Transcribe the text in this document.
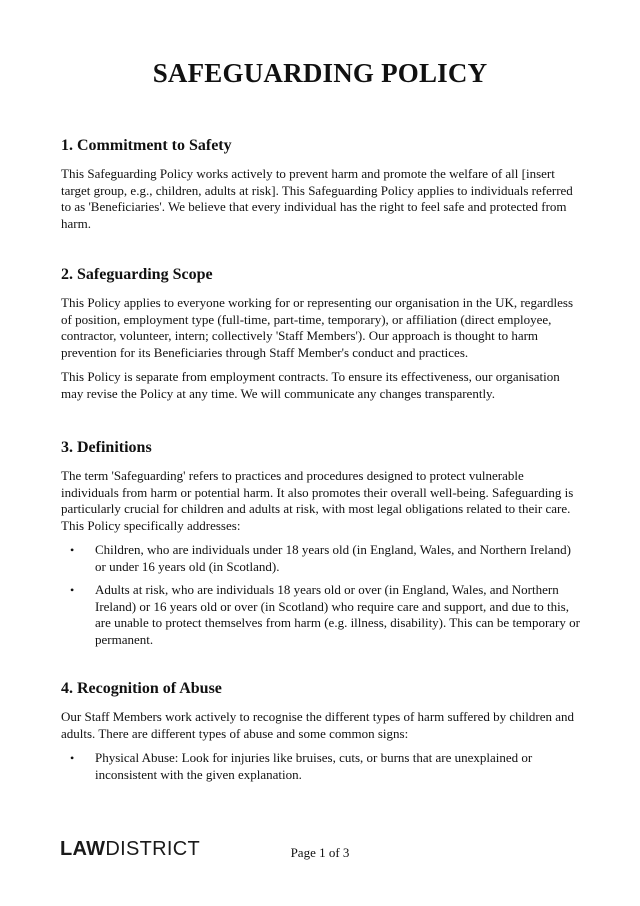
SAFEGUARDING POLICY
1. Commitment to Safety

This Safeguarding Policy works actively to prevent harm and promote the welfare of all [insert target group, e.g., children, adults at risk]. This Safeguarding Policy applies to individuals referred to as 'Beneficiaries'. We believe that every individual has the right to feel safe and protected from harm.

2. Safeguarding Scope

This Policy applies to everyone working for or representing our organisation in the UK, regardless of position, employment type (full-time, part-time, temporary), or affiliation (direct employee, contractor, volunteer, intern; collectively 'Staff Members'). Our approach is thought to harm prevention for its Beneficiaries through Staff Member's conduct and practices.

This Policy is separate from employment contracts. To ensure its effectiveness, our organisation may revise the Policy at any time. We will communicate any changes transparently.

3. Definitions

The term 'Safeguarding' refers to practices and procedures designed to protect vulnerable individuals from harm or potential harm. It also promotes their overall well-being. Safeguarding is particularly crucial for children and adults at risk, with most legal obligations related to their care. This Policy specifically addresses:

• Children, who are individuals under 18 years old (in England, Wales, and Northern Ireland) or under 16 years old (in Scotland).
• Adults at risk, who are individuals 18 years old or over (in England, Wales, and Northern Ireland) or 16 years old or over (in Scotland) who require care and support, and due to this, are unable to protect themselves from harm (e.g. illness, disability). This can be temporary or permanent.
4. Recognition of Abuse

Our Staff Members work actively to recognise the different types of harm suffered by children and adults. There are different types of abuse and some common signs:

• Physical Abuse: Look for injuries like bruises, cuts, or burns that are unexplained or inconsistent with the given explanation.
LAWDISTRICT	Page 1 of 3
